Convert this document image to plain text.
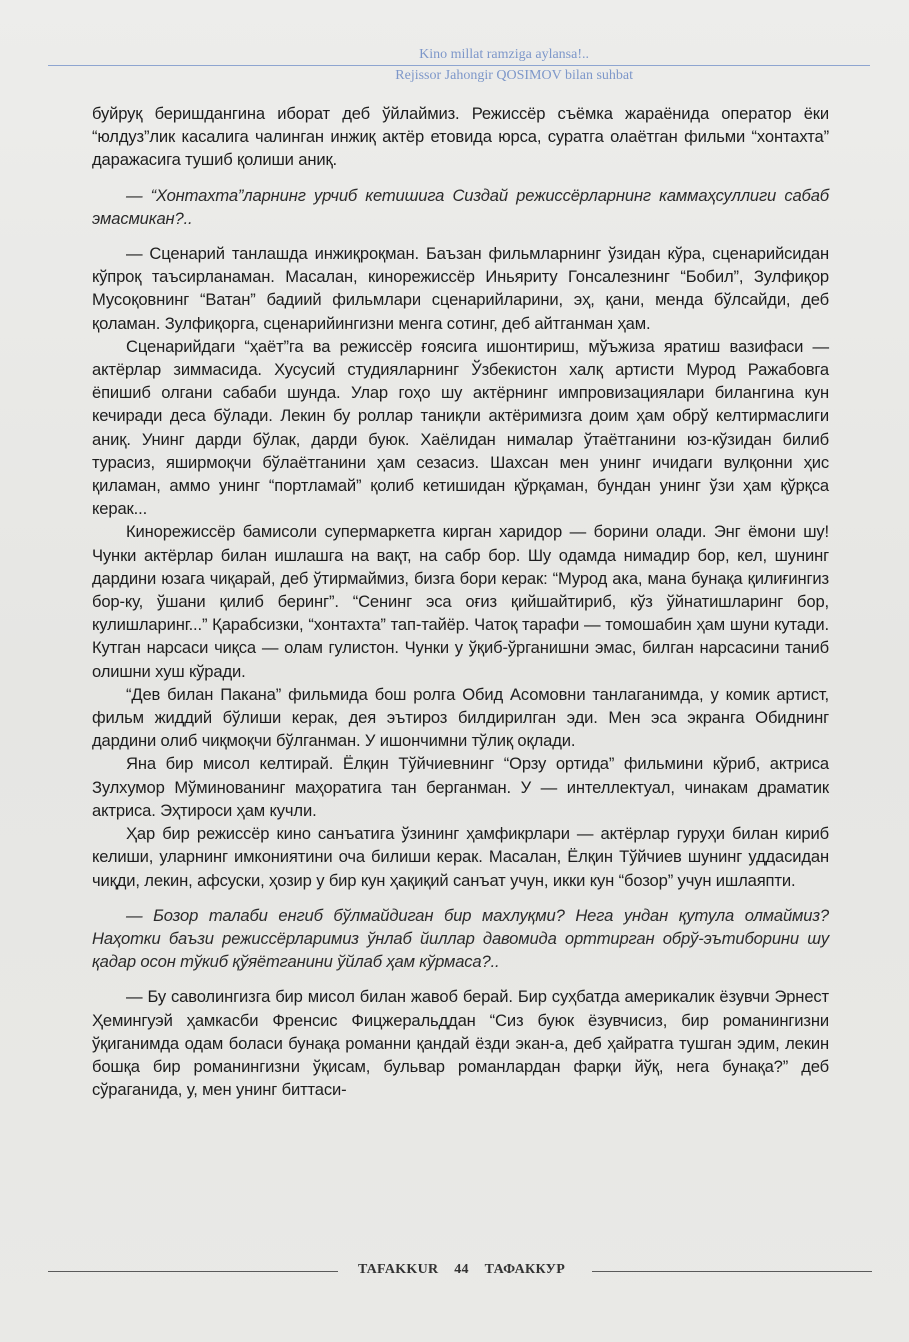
Kino millat ramziga aylansa!..
Rejissor Jahongir QOSIMOV bilan suhbat

буйруқ беришдангина иборат деб ўйлаймиз. Режиссёр съёмка жараёнида оператор ёки “юлдуз”лик касалига чалинган инжиқ актёр етовида юрса, суратга олаётган фильми “хонтахта” даражасига тушиб қолиши аниқ.

— “Хонтахта”ларнинг урчиб кетишига Сиздай режиссёрларнинг каммаҳсуллиги сабаб эмасмикан?..

— Сценарий танлашда инжиқроқман. Баъзан фильмларнинг ўзидан кўра, сценарийсидан кўпроқ таъсирланаман. Масалан, кинорежиссёр Иньяриту Гонсалезнинг “Бобил”, Зулфиқор Мусоқовнинг “Ватан” бадиий фильмлари сценарийларини, эҳ, қани, менда бўлсайди, деб қоламан. Зулфиқорга, сценарийингизни менга сотинг, деб айтганман ҳам.

Сценарийдаги “ҳаёт”га ва режиссёр ғоясига ишонтириш, мўъжиза яратиш вазифаси — актёрлар зиммасида. Хусусий студияларнинг Ўзбекистон халқ артисти Мурод Ражабовга ёпишиб олгани сабаби шунда. Улар гоҳо шу актёрнинг импровизациялари билангина кун кечиради деса бўлади. Лекин бу роллар таниқли актёримизга доим ҳам обрў келтирмаслиги аниқ. Унинг дарди бўлак, дарди буюк. Хаёлидан нималар ўтаётганини юз-кўзидан билиб турасиз, яширмоқчи бўлаётганини ҳам сезасиз. Шахсан мен унинг ичидаги вулқонни ҳис қиламан, аммо унинг “портламай” қолиб кетишидан қўрқаман, бундан унинг ўзи ҳам қўрқса керак...

Кинорежиссёр бамисоли супермаркетга кирган харидор — борини олади. Энг ёмони шу! Чунки актёрлар билан ишлашга на вақт, на сабр бор. Шу одамда нимадир бор, кел, шунинг дардини юзага чиқарай, деб ўтирмаймиз, бизга бори керак: “Мурод ака, мана бунақа қилиғингиз бор-ку, ўшани қилиб беринг”. “Сенинг эса оғиз қийшайтириб, кўз ўйнатишларинг бор, кулишларинг...” Қарабсизки, “хонтахта” тап-тайёр. Чатоқ тарафи — томошабин ҳам шуни кутади. Кутган нарсаси чиқса — олам гулистон. Чунки у ўқиб-ўрганишни эмас, билган нарсасини таниб олишни хуш кўради.

“Дев билан Пакана” фильмида бош ролга Обид Асомовни танлаганимда, у комик артист, фильм жиддий бўлиши керак, дея эътироз билдирилган эди. Мен эса экранга Обиднинг дардини олиб чиқмоқчи бўлганман. У ишончимни тўлиқ оқлади.

Яна бир мисол келтирай. Ёлқин Тўйчиевнинг “Орзу ортида” фильмини кўриб, актриса Зулхумор Мўминованинг маҳоратига тан берганман. У — интеллектуал, чинакам драматик актриса. Эҳтироси ҳам кучли.

Ҳар бир режиссёр кино санъатига ўзининг ҳамфикрлари — актёрлар гуруҳи билан кириб келиши, уларнинг имкониятини оча билиши керак. Масалан, Ёлқин Тўйчиев шунинг уддасидан чиқди, лекин, афсуски, ҳозир у бир кун ҳақиқий санъат учун, икки кун “бозор” учун ишлаяпти.

— Бозор талаби енгиб бўлмайдиган бир махлуқми? Нега ундан қутула олмаймиз? Наҳотки баъзи режиссёрларимиз ўнлаб йиллар давомида орттирган обрў-эътиборини шу қадар осон тўкиб қўяётганини ўйлаб ҳам кўрмаса?..

— Бу саволингизга бир мисол билан жавоб берай. Бир суҳбатда америкалик ёзувчи Эрнест Ҳемингуэй ҳамкасби Френсис Фицжеральддан “Сиз буюк ёзувчисиз, бир романингизни ўқиганимда одам боласи бунақа романни қандай ёзди экан-а, деб ҳайратга тушган эдим, лекин бошқа бир романингизни ўқисам, бульвар романлардан фарқи йўқ, нега бунақа?” деб сўраганида, у, мен унинг биттаси-

TAFAKKUR 44 ТАФАККУР
